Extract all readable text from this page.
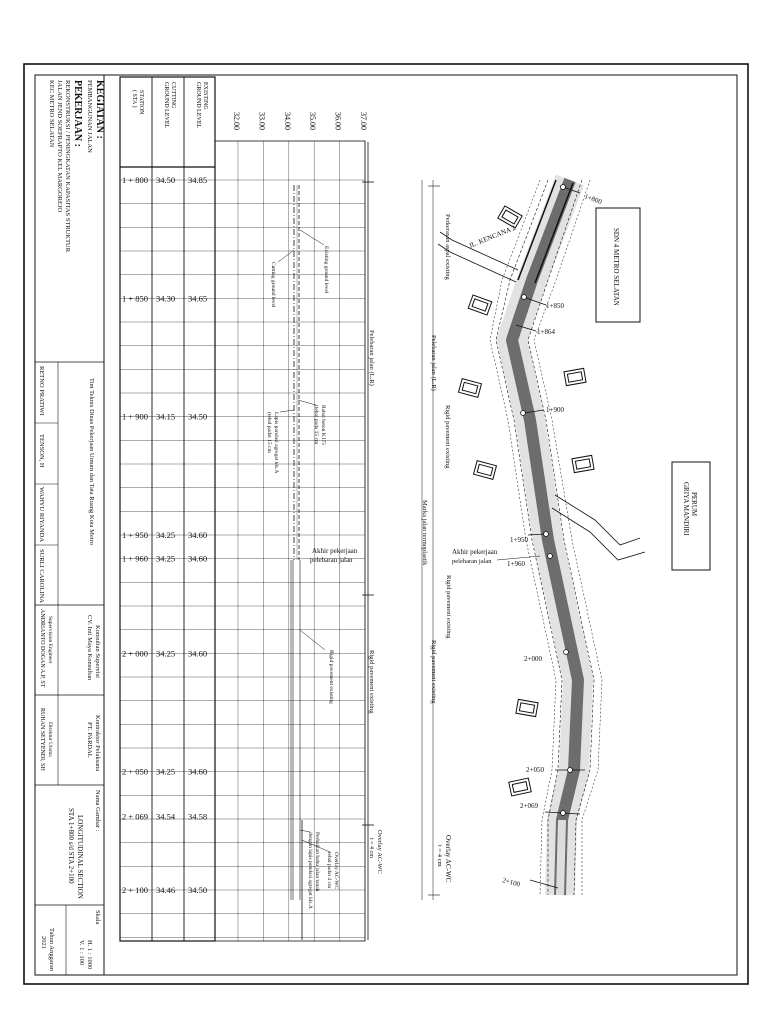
KEGIATAN :
PEMBANGUNAN JALAN
PEKERJAAN :
REKONSTRUKSI / PENINGKATAN KAPASITAS STRUKTUR
JALAN JEND SOEPRAPTO KEL MARGOREJO
KEC METRO SELATAN
Tim Teknis Dinas Pekerjaan Umum dan Tata Ruang Kota Metro
RETNO PRATIWI
TENSON, H
WAHYU RIYANDA
SURLI CAROLINA
Konsultan Supervisi
CV. Inti Maya Konsultan
ANDRIANTO DOGAN A.P, ST Supervision Engineer
Kontraktor Pelaksana
PT. PARDAL
RUHAN SETYENDI, SH Direktur Utama
Nama Gambar :
LONGITUDINAL SECTION
STA 1+800 s/d STA 2+100
Skala
H. 1 : 1000
V. 1 : 100
Tahun Anggaran
2021
STATION
( STA )	CUTTING
GROUND LEVEL	EXISTING
GROUND LEVEL
1 + 800 34.50 34.85
1 + 850 34.30 34.65
1 + 900 34.15 34.50
1 + 950 34.25 34.60
1 + 960 34.25 34.60
2 + 000 34.25 34.60
2 + 050 34.25 34.60
2 + 069 34.54 34.58
2 + 100 34.46 34.50
32.00 33.00 34.00 35.00 36.00 37.00
Pelebaran jalan (L.R)
Rigid pavement existing
Overlay AC-WC
t = 4 cm
Existing ground level
Cutting ground level
Rabat beton K175
(tebal pada 15 cm
Lapis pondasi agregat kls.A
(tebal padat 15 cm
Akhir pekerjaan
pelebaran jalan
Rigid pavement existing
Overlay AC-WC
tebal padat 4 cm
Perbaikan bahu jalan tanah
dengan lapis pondasi agregat kls.A
JL. KENCANA 2
1+800
1+850
1+864
1+900
1+950
1+960
2+000
2+050
2+069
2+100
SDN 4 METRO SELATAN
PERUM
GRIYA MANDIRI
Perkerasan aspal existing
Pelebaran jalan (L.R)
Rigid pavement existing
Marka jalan termoplastik
Rigid pavement existing
Rigid pavement existing
Akhir pekerjaan
pelebaran jalan
Overlay AC-WC
t = 4 cm
